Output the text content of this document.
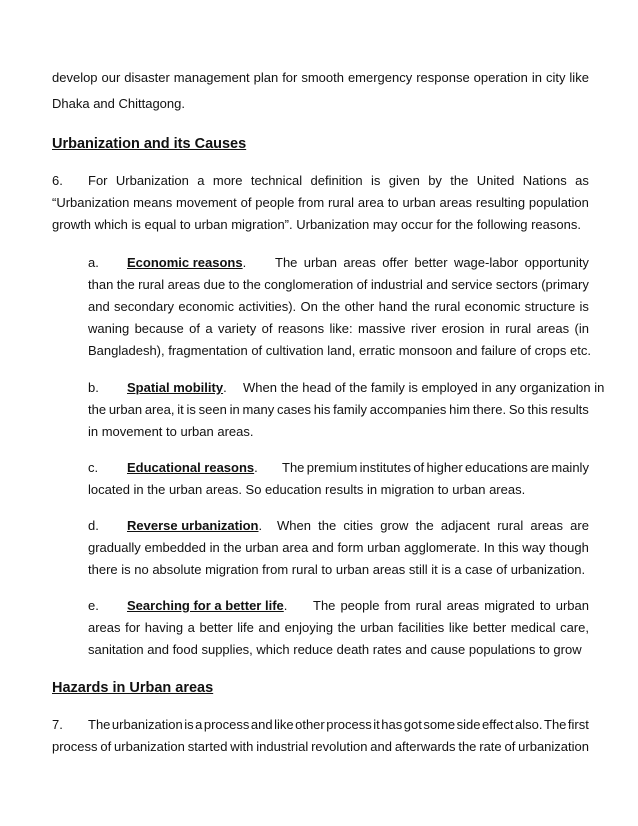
develop our disaster management plan for smooth emergency response operation in city like

Dhaka and Chittagong.

Urbanization and its Causes
6. For Urbanization a more technical definition is given by the United Nations as

“Urbanization means movement of people from rural area to urban areas resulting population

growth which is equal to urban migration”. Urbanization may occur for the following reasons.

a. Economic reasons. The urban areas offer better wage-labor opportunity

than the rural areas due to the conglomeration of industrial and service sectors (primary

and secondary economic activities). On the other hand the rural economic structure is

waning because of a variety of reasons like: massive river erosion in rural areas (in

Bangladesh), fragmentation of cultivation land, erratic monsoon and failure of crops etc.

b. Spatial mobility. When the head of the family is employed in any organization in

the urban area, it is seen in many cases his family accompanies him there. So this results

in movement to urban areas.

c. Educational reasons. The premium institutes of higher educations are mainly

located in the urban areas. So education results in migration to urban areas.

d. Reverse urbanization. When the cities grow the adjacent rural areas are

gradually embedded in the urban area and form urban agglomerate. In this way though

there is no absolute migration from rural to urban areas still it is a case of urbanization.

e. Searching for a better life. The people from rural areas migrated to urban

areas for having a better life and enjoying the urban facilities like better medical care,

sanitation and food supplies, which reduce death rates and cause populations to grow

Hazards in Urban areas
7. The urbanization is a process and like other process it has got some side effect also. The first

process of urbanization started with industrial revolution and afterwards the rate of urbanization
